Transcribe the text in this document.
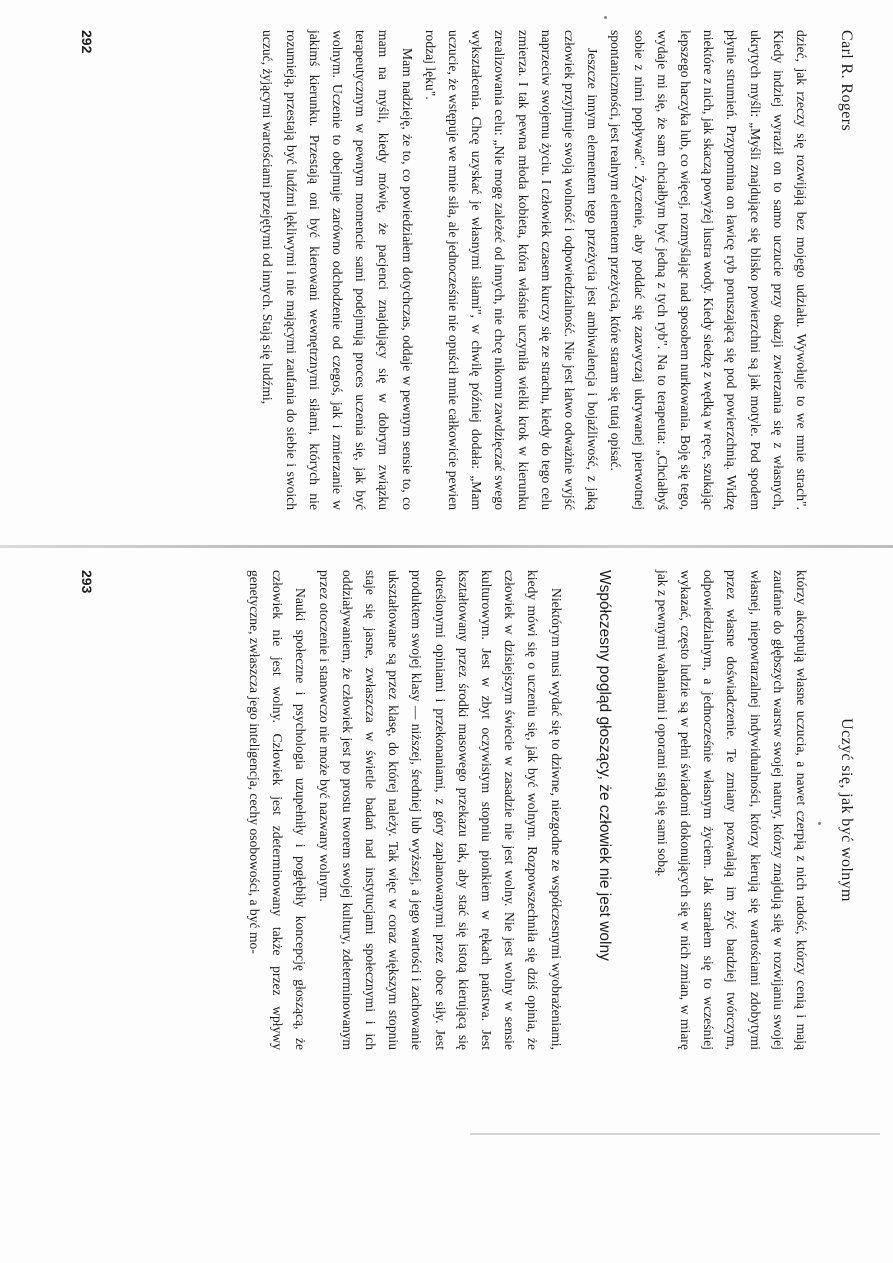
Carl R. Rogers

dzieć, jak rzeczy się rozwijają bez mojego udziału. Wywołuje to we mnie strach". Kiedy indziej wyraził on to samo uczucie przy okazji zwierzania się z własnych, ukrytych myśli: „Myśli znajdujące się blisko powierzchni są jak motyle. Pod spodem płynie strumień. Przypomina on ławicę ryb poruszającą się pod powierzchnią. Widzę niektóre z nich, jak skaczą powyżej lustra wody. Kiedy siedzę z wędką w ręce, szukając lepszego haczyka lub, co więcej, rozmyślając nad sposobem nurkowania. Boję się tego, wydaje mi się, że sam chciałbym być jedną z tych ryb". Na to terapeuta: „Chciałbyś sobie z nimi popływać". Życzenie, aby poddać się zazwyczaj ukrywanej pierwotnej spontaniczności, jest realnym elementem przeżycia, które staram się tutaj opisać.

Jeszcze innym elementem tego przeżycia jest ambiwalencja i bojaźliwość, z jaką człowiek przyjmuje swoją wolność i odpowiedzialność. Nie jest łatwo odważnie wyjść naprzeciw swojemu życiu. I człowiek czasem kurczy się ze strachu, kiedy do tego celu zmierza. I tak pewna młoda kobieta, która właśnie uczyniła wielki krok w kierunku zrealizowania celu: „Nie mogę zależeć od innych, nie chcę nikomu zawdzięczać swego wykształcenia. Chcę uzyskać je własnymi siłami", w chwilę później dodała: „Mam uczucie, że wstępuje we mnie siła, ale jednocześnie nie opuścił mnie całkowicie pewien rodzaj lęku".

Mam nadzieję, że to, co powiedziałem dotychczas, oddaje w pewnym sensie to, co mam na myśli, kiedy mówię, że pacjenci znajdujący się w dobrym związku terapeutycznym w pewnym momencie sami podejmują proces uczenia się, jak być wolnym. Uczenie to obejmuje zarówno odchodzenie od czegoś, jak i zmierzanie w jakimś kierunku. Przestają oni być kierowani wewnętrznymi siłami, których nie rozumieją, przestają być ludźmi lękliwymi i nie mającymi zaufania do siebie i swoich uczuć, żyjącymi wartościami przejętymi od innych. Stają się ludźmi,

292
Uczyć się, jak być wolnym

którzy akceptują własne uczucia, a nawet czerpią z nich radość, którzy cenią i mają zaufanie do głębszych warstw swojej natury, którzy znajdują siłę w rozwijaniu swojej własnej, niepowtarzalnej indywidualności, którzy kierują się wartościami zdobytymi przez własne doświadczenie. Te zmiany pozwalają im żyć bardziej twórczym, odpowiedzialnym, a jednocześnie własnym życiem. Jak starałem się to wcześniej wykazać, często ludzie są w pełni świadomi dokonujących się w nich zmian, w miarę jak z pewnymi wahaniami i oporami stają się sami sobą.

Współczesny pogląd głoszący, że człowiek nie jest wolny

Niektórym musi wydać się to dziwne, niezgodne ze współczesnymi wyobrażeniami, kiedy mówi się o uczeniu się, jak być wolnym. Rozpowszechniła się dziś opinia, że człowiek w dzisiejszym świecie w zasadzie nie jest wolny. Nie jest wolny w sensie kulturowym. Jest w zbyt oczywistym stopniu pionkiem w rękach państwa. Jest kształtowany przez środki masowego przekazu tak, aby stać się istotą kierującą się określonymi opiniami i przekonaniami, z góry zaplanowanymi przez obce siły. Jest produktem swojej klasy — niższej, średniej lub wyższej, a jego wartości i zachowanie ukształtowane są przez klasę, do której należy. Tak więc w coraz większym stopniu staje się jasne, zwłaszcza w świetle badań nad instytucjami społecznymi i ich oddziaływaniem, że człowiek jest po prostu tworem swojej kultury, zdeterminowanym przez otoczenie i stanowczo nie może być nazwany wolnym.

Nauki społeczne i psychologia uzupełniły i pogłębiły koncepcję głoszącą, że człowiek nie jest wolny. Człowiek jest zdeterminowany także przez wpływy genetyczne, zwłaszcza jego inteligencja, cechy osobowości, a być mo-

293
